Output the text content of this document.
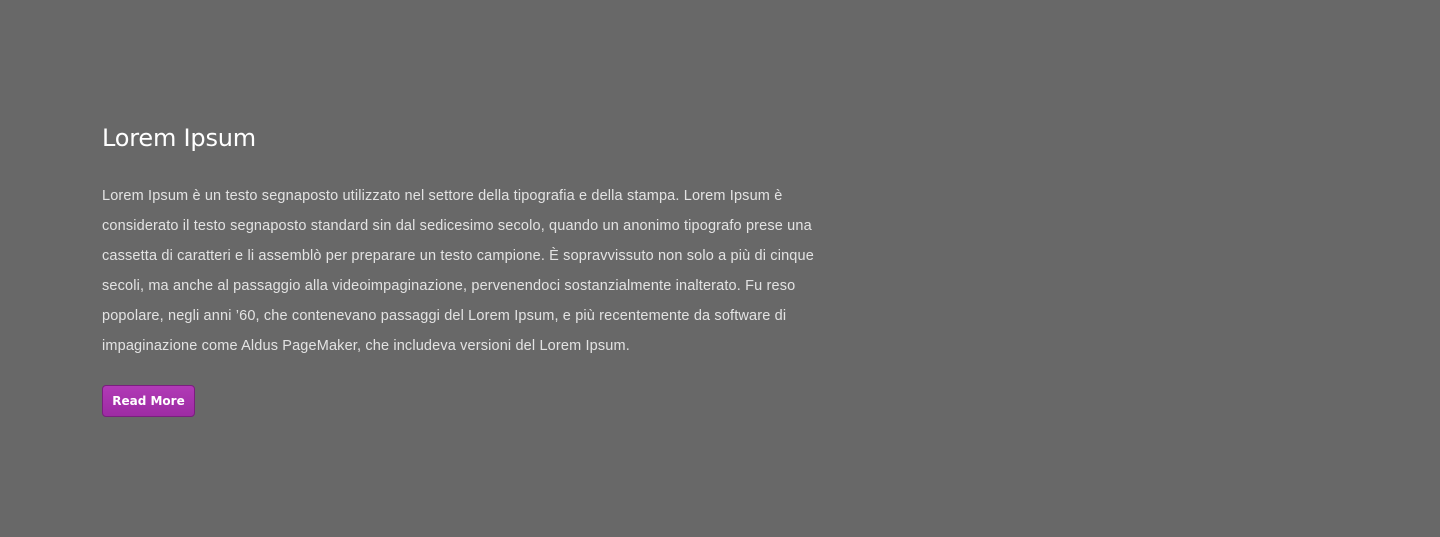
Lorem Ipsum

Lorem Ipsum è un testo segnaposto utilizzato nel settore della tipografia e della stampa. Lorem Ipsum è considerato il testo segnaposto standard sin dal sedicesimo secolo, quando un anonimo tipografo prese una cassetta di caratteri e li assemblò per preparare un testo campione. È sopravvissuto non solo a più di cinque secoli, ma anche al passaggio alla videoimpaginazione, pervenendoci sostanzialmente inalterato. Fu reso popolare, negli anni ’60, che contenevano passaggi del Lorem Ipsum, e più recentemente da software di impaginazione come Aldus PageMaker, che includeva versioni del Lorem Ipsum.

Read More
